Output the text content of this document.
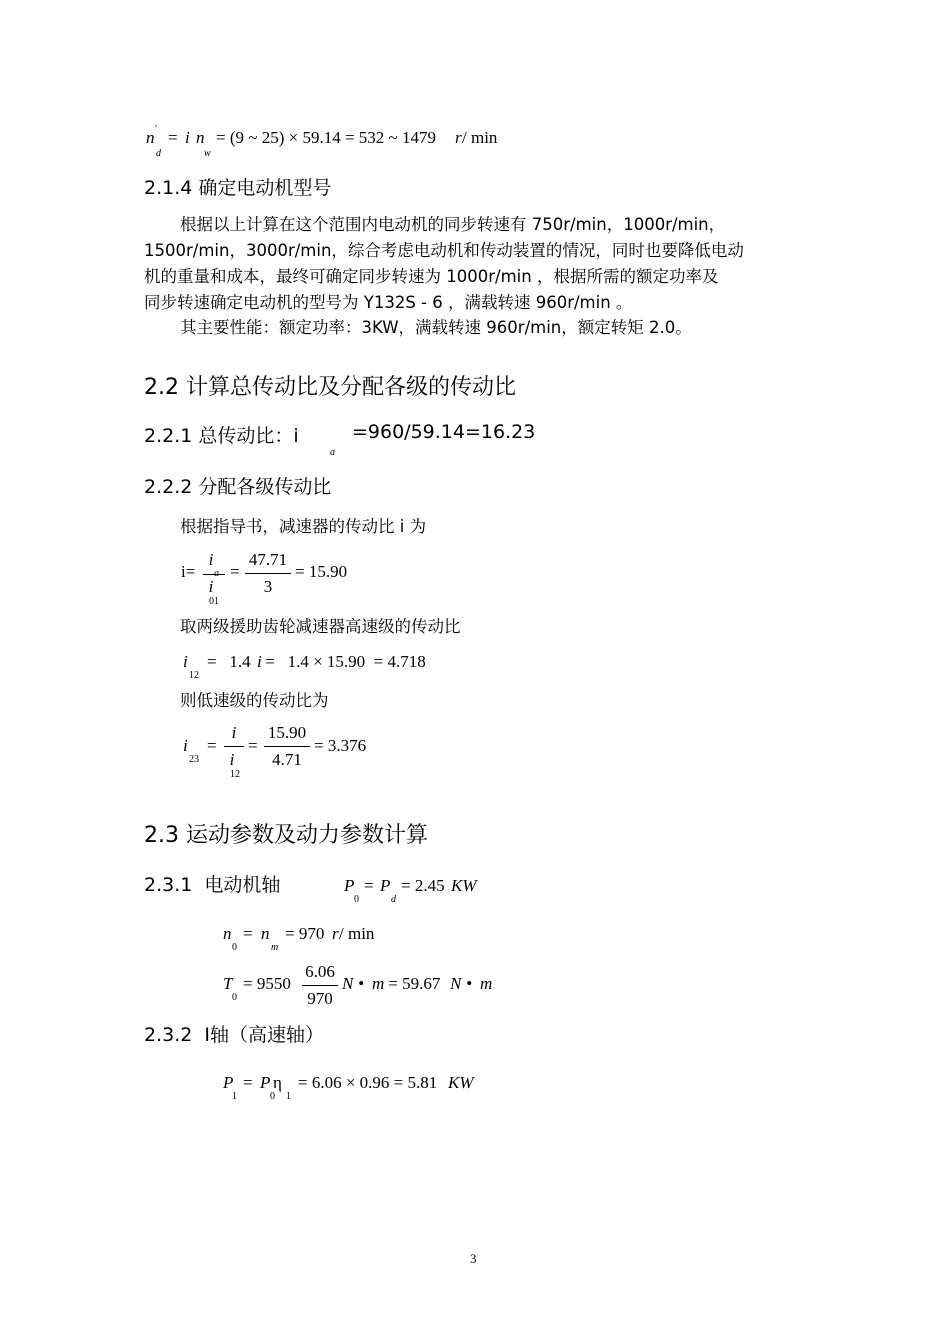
n '
d
= i n
w
= (9 ~ 25) × 59.14 = 532 ~ 1479 r / min
2.1.4 确定电动机型号
根据以上计算在这个范围内电动机的同步转速有 750r/min，1000r/min，
1500r/min，3000r/min，综合考虑电动机和传动装置的情况，同时也要降低电动
机的重量和成本，最终可确定同步转速为 1000r/min ，根据所需的额定功率及
同步转速确定电动机的型号为 Y132S - 6 ，满载转速 960r/min 。
其主要性能：额定功率：3KW，满载转速 960r/min，额定转矩 2.0。
2.2 计算总传动比及分配各级的传动比
2.2.1 总传动比：i
a
=960/59.14=16.23
2.2.2 分配各级传动比
根据指导书，减速器的传动比 i 为
i=
i
i
01
=
47.71
3
= 15.90
取两级援助齿轮减速器高速级的传动比
i
12
=   1.4 i =   1.4 × 15.90  = 4.718
则低速级的传动比为
i
23
=
i
i
12
=
15.90
4.71
= 3.376
2.3 运动参数及动力参数计算
2.3.1  电动机轴	P
0
= P
d
= 2.45 KW
n
0
= n
m
= 970 r / min
T
0
= 9550
6.06
970
N • m = 59.67 N • m
2.3.2  Ⅰ轴（高速轴）
P
1
= P
0
η
1
= 6.06 × 0.96 = 5.81 KW
3
